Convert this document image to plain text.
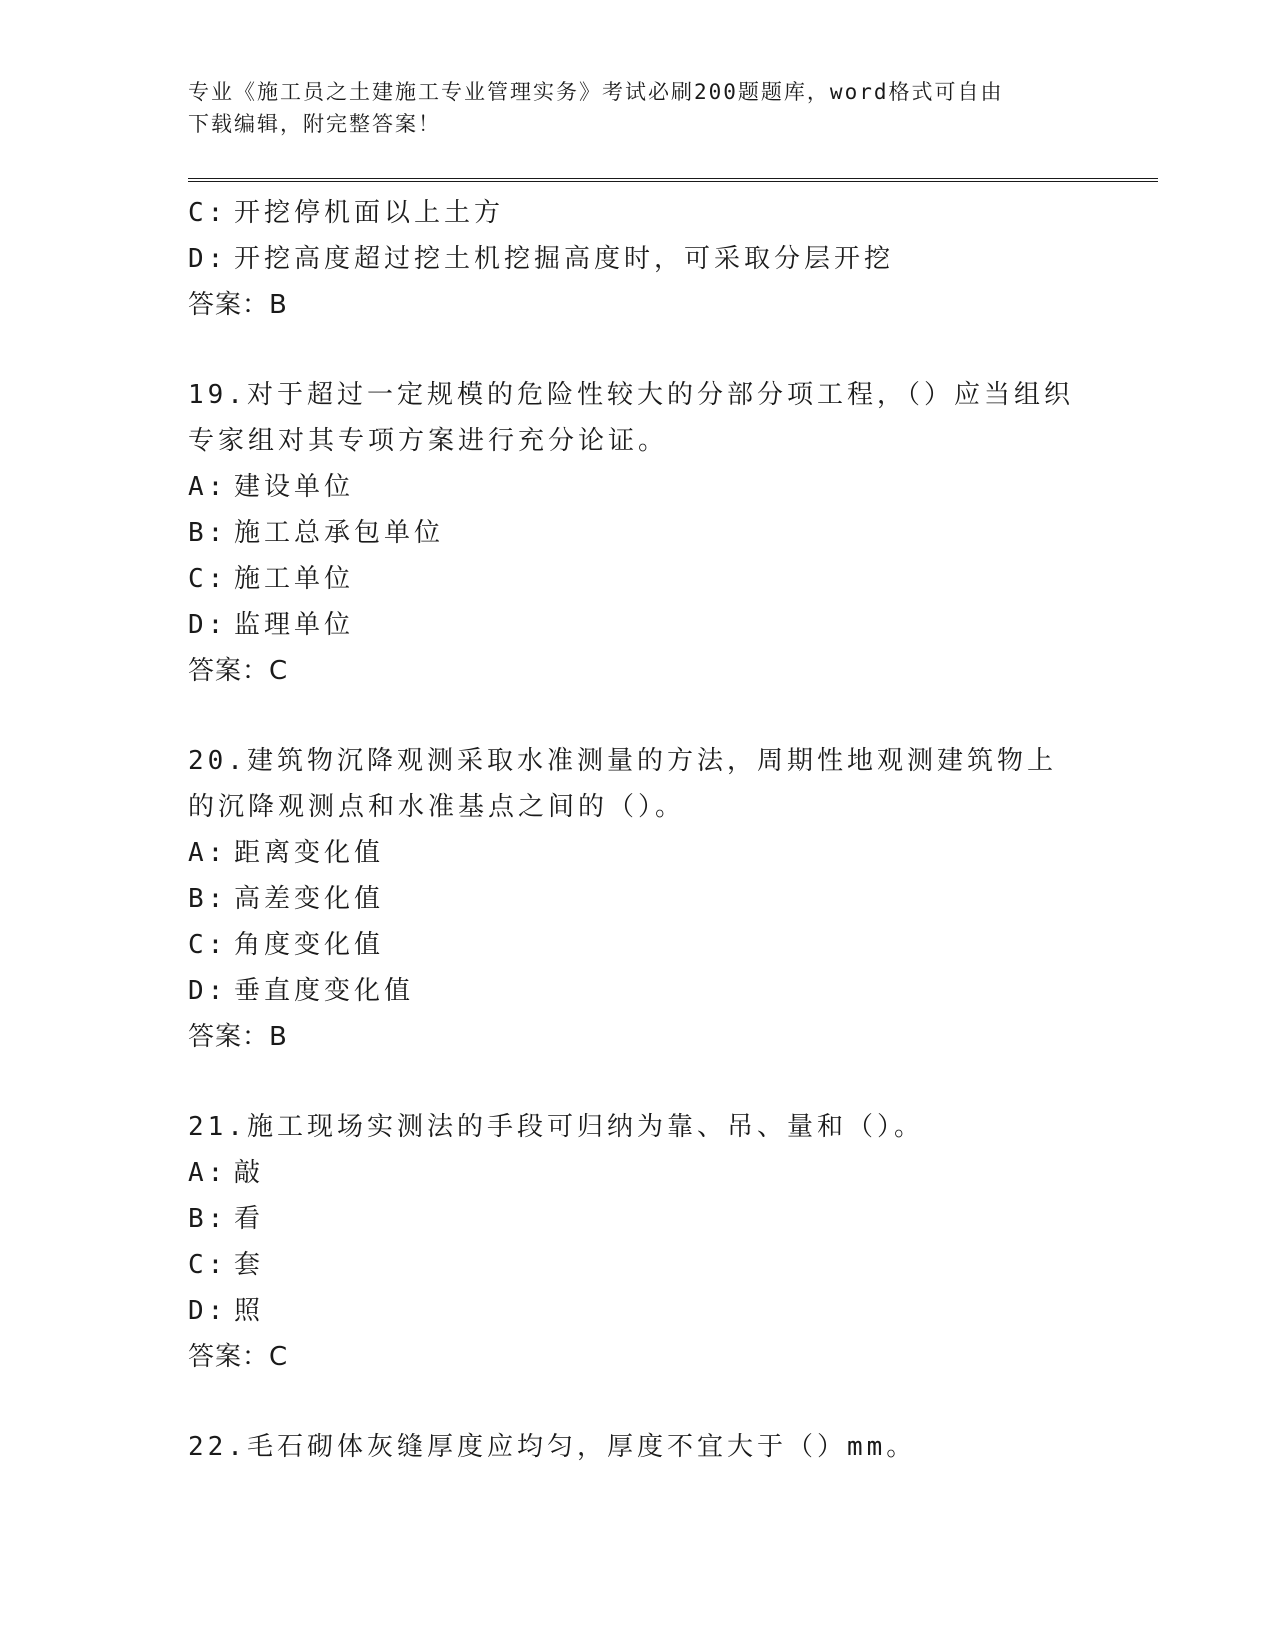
专业《施工员之土建施工专业管理实务》考试必刷200题题库，word格式可自由
下载编辑，附完整答案！
C: 开挖停机面以上土方
D: 开挖高度超过挖土机挖掘高度时，可采取分层开挖
答案：B
19.对于超过一定规模的危险性较大的分部分项工程，（）应当组织专家组对其专项方案进行充分论证。
A: 建设单位
B: 施工总承包单位
C: 施工单位
D: 监理单位
答案：C
20.建筑物沉降观测采取水准测量的方法，周期性地观测建筑物上的沉降观测点和水准基点之间的（）。
A: 距离变化值
B: 高差变化值
C: 角度变化值
D: 垂直度变化值
答案：B
21.施工现场实测法的手段可归纳为靠、吊、量和（）。
A: 敲
B: 看
C: 套
D: 照
答案：C
22.毛石砌体灰缝厚度应均匀，厚度不宜大于（）mm。
